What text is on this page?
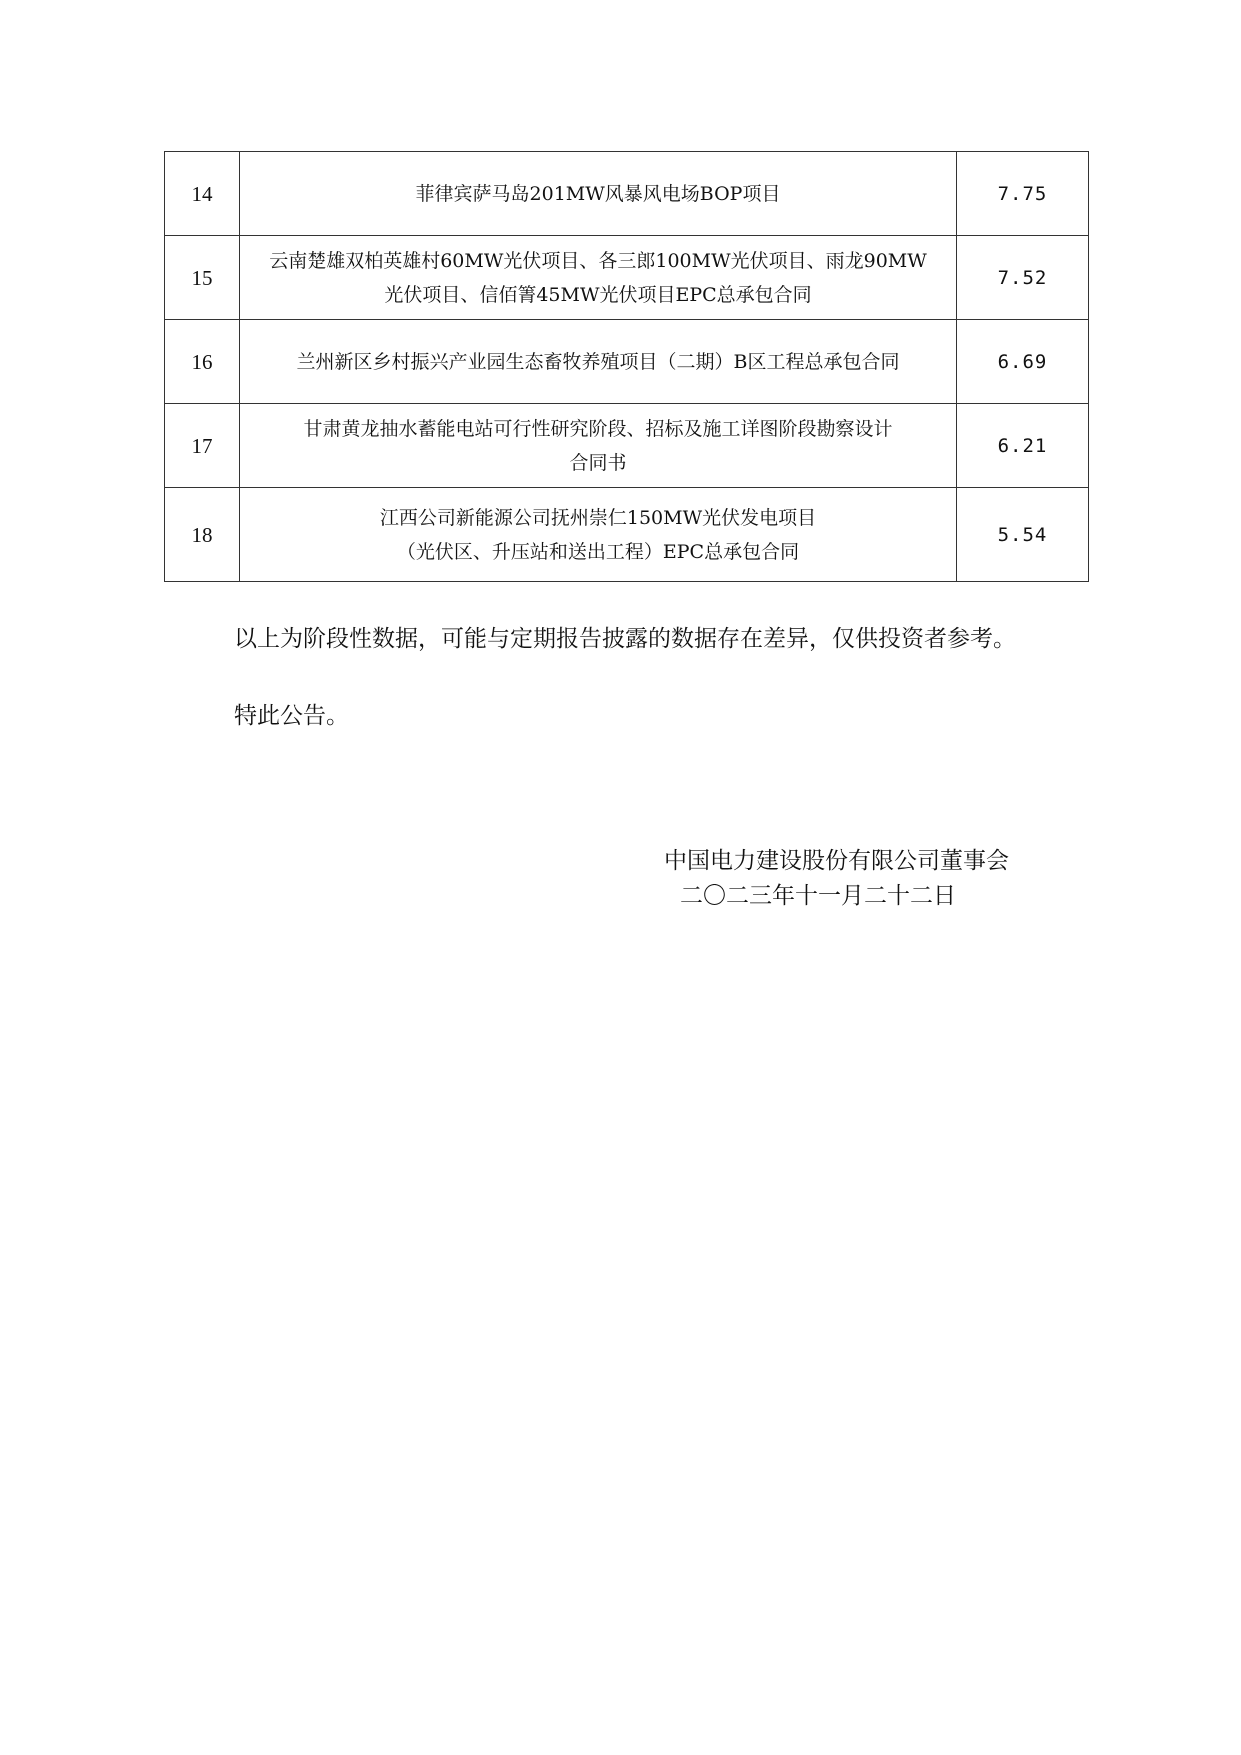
14	菲律宾萨马岛201MW风暴风电场BOP项目	7.75
15	云南楚雄双柏英雄村60MW光伏项目、各三郎100MW光伏项目、雨龙90MW
光伏项目、信佰箐45MW光伏项目EPC总承包合同	7.52
16	兰州新区乡村振兴产业园生态畜牧养殖项目（二期）B区工程总承包合同	6.69
17	甘肃黄龙抽水蓄能电站可行性研究阶段、招标及施工详图阶段勘察设计
合同书	6.21
18	江西公司新能源公司抚州崇仁150MW光伏发电项目
（光伏区、升压站和送出工程）EPC总承包合同	5.54
以上为阶段性数据，可能与定期报告披露的数据存在差异，仅供投资者参考。
特此公告。
中国电力建设股份有限公司董事会
二〇二三年十一月二十二日
